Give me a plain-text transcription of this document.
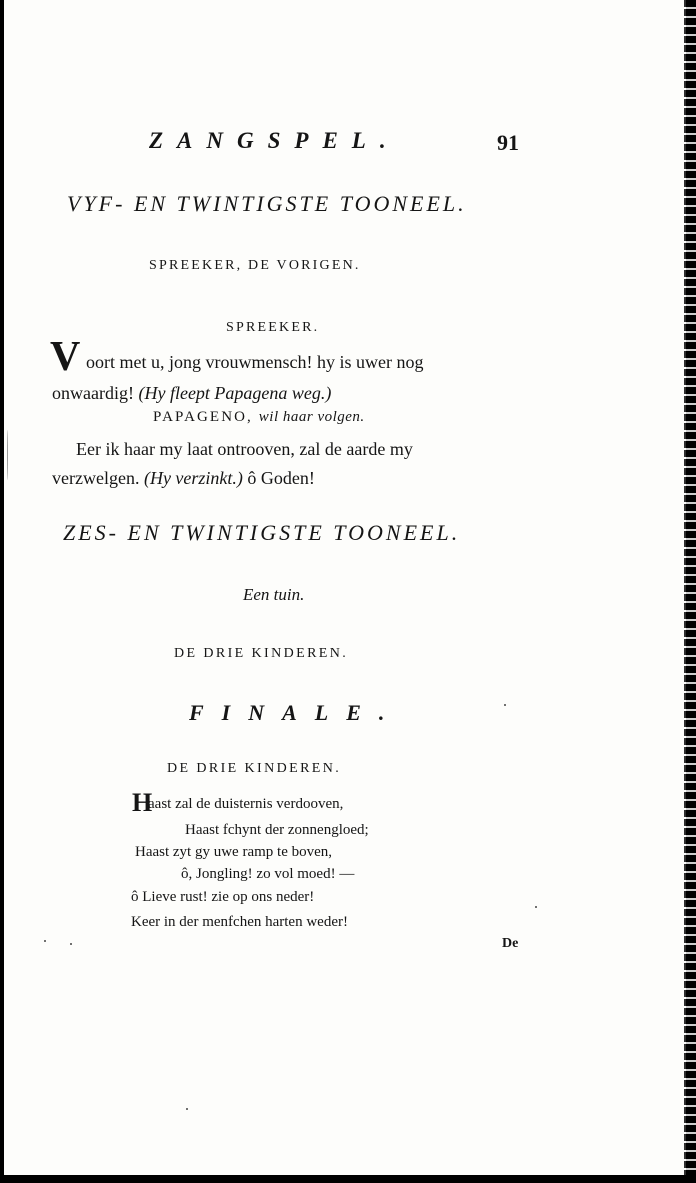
ZANGSPEL.	91
VYF- EN TWINTIGSTE TOONEEL.
SPREEKER, DE VORIGEN.
SPREEKER.
V oort met u, jong vrouwmensch! hy is uwer nog
onwaardig! (Hy fleept Papagena weg.)
PAPAGENO, wil haar volgen.
Eer ik haar my laat ontrooven, zal de aarde my
verzwelgen. (Hy verzinkt.) ô Goden!
ZES- EN TWINTIGSTE TOONEEL.
Een tuin.
DE DRIE KINDEREN.
FINALE.
DE DRIE KINDEREN.
H
aast zal de duisternis verdooven,
Haast fchynt der zonnengloed;
Haast zyt gy uwe ramp te boven,
ô, Jongling! zo vol moed! —
ô Lieve rust! zie op ons neder!
Keer in der menfchen harten weder!
De
